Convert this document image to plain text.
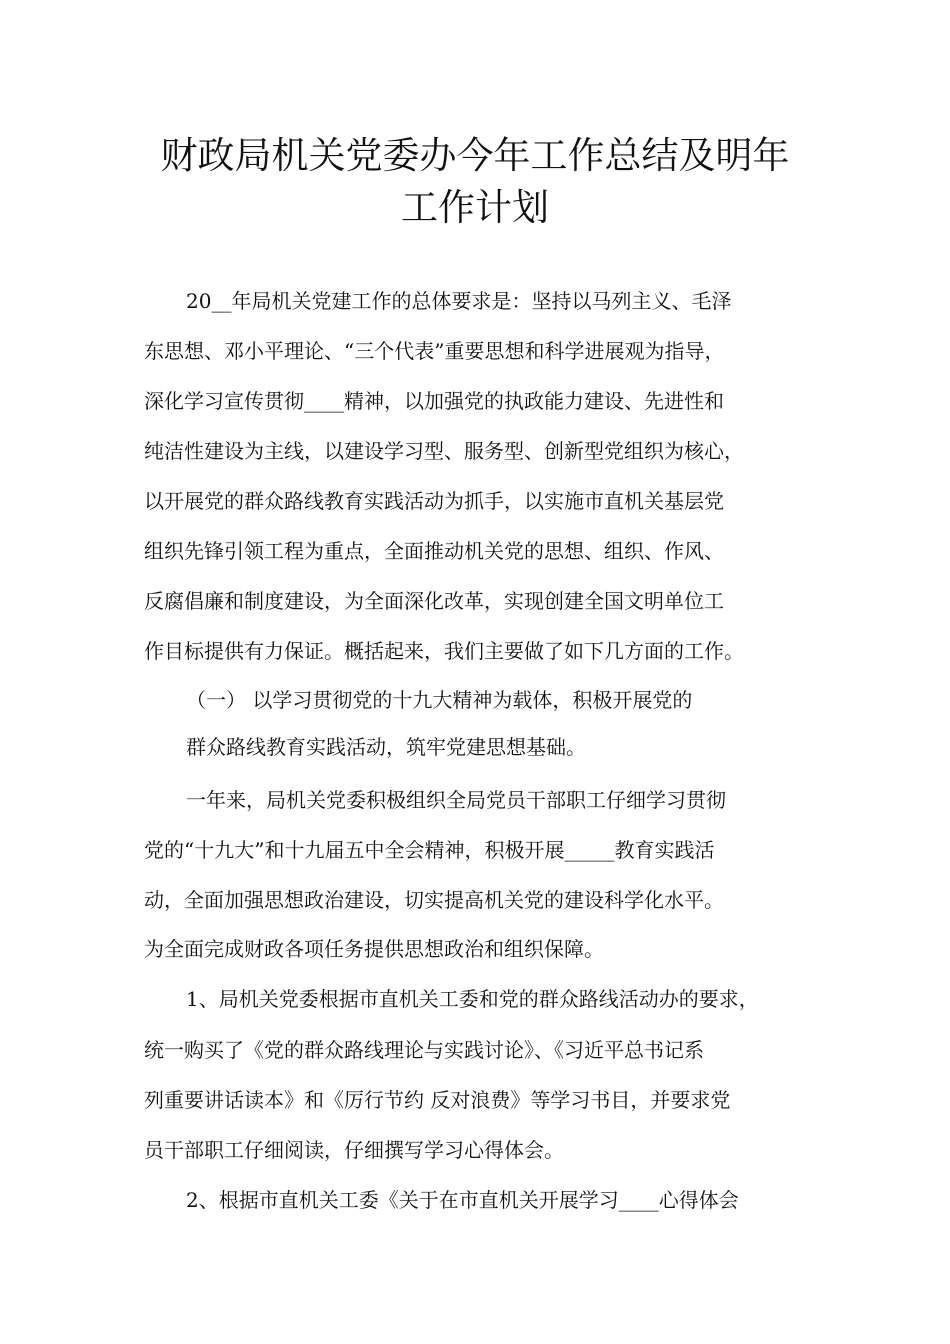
财政局机关党委办今年工作总结及明年
工作计划
20__年局机关党建工作的总体要求是：坚持以马列主义、毛泽
东思想、邓小平理论、“三个代表”重要思想和科学进展观为指导，
深化学习宣传贯彻____精神，以加强党的执政能力建设、先进性和
纯洁性建设为主线，以建设学习型、服务型、创新型党组织为核心，
以开展党的群众路线教育实践活动为抓手，以实施市直机关基层党
组织先锋引领工程为重点，全面推动机关党的思想、组织、作风、
反腐倡廉和制度建设，为全面深化改革，实现创建全国文明单位工
作目标提供有力保证。概括起来，我们主要做了如下几方面的工作。
（一） 以学习贯彻党的十九大精神为载体，积极开展党的
群众路线教育实践活动，筑牢党建思想基础。
一年来，局机关党委积极组织全局党员干部职工仔细学习贯彻
党的“十九大”和十九届五中全会精神，积极开展_____教育实践活
动，全面加强思想政治建设，切实提高机关党的建设科学化水平。
为全面完成财政各项任务提供思想政治和组织保障。
1、局机关党委根据市直机关工委和党的群众路线活动办的要求，
统一购买了《党的群众路线理论与实践讨论》、《习近平总书记系
列重要讲话读本》和《厉行节约 反对浪费》等学习书目，并要求党
员干部职工仔细阅读，仔细撰写学习心得体会。
2、根据市直机关工委《关于在市直机关开展学习____心得体会
